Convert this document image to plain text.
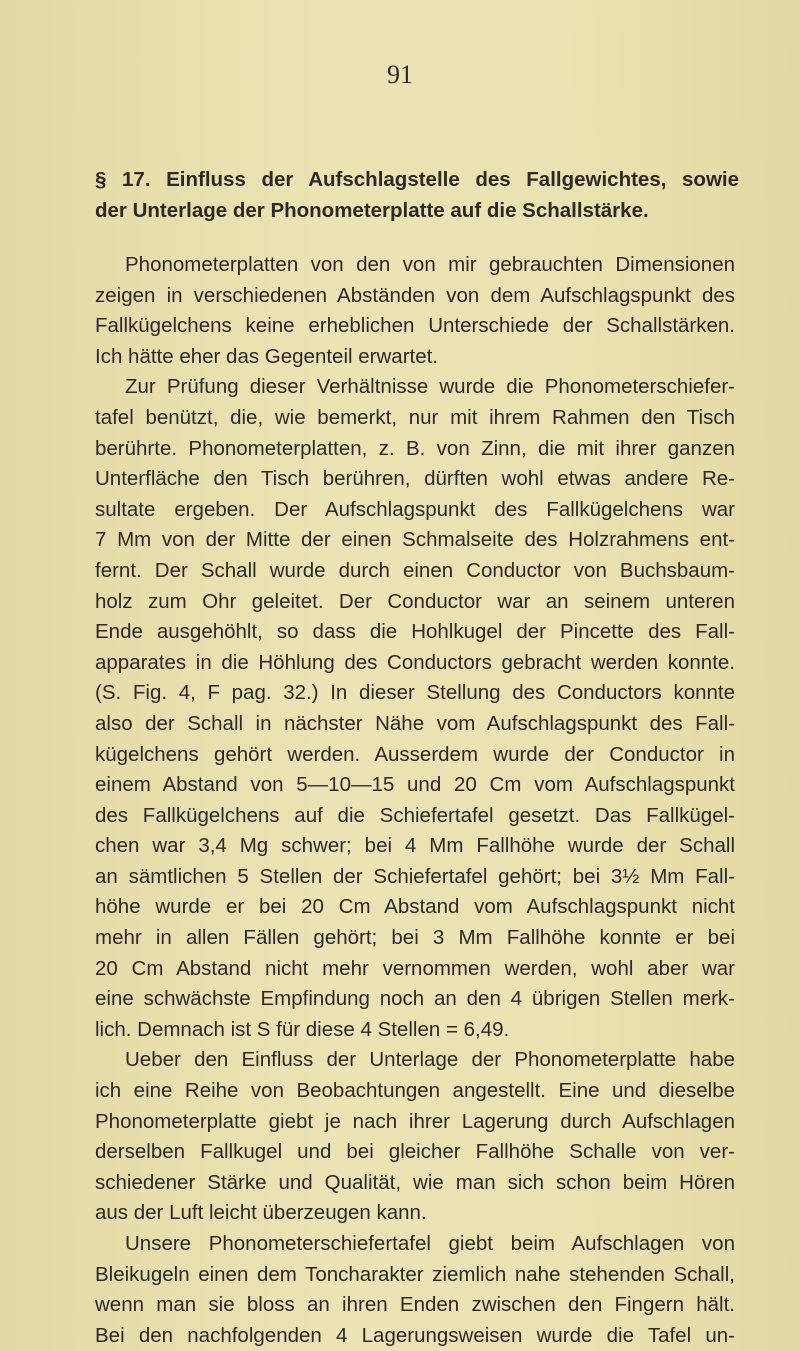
91
§ 17. Einfluss der Aufschlagstelle des Fallgewichtes, sowie
der Unterlage der Phonometerplatte auf die Schallstärke.
Phonometerplatten von den von mir gebrauchten Dimensionen
zeigen in verschiedenen Abständen von dem Aufschlagspunkt des
Fallkügelchens keine erheblichen Unterschiede der Schallstärken.
Ich hätte eher das Gegenteil erwartet.
Zur Prüfung dieser Verhältnisse wurde die Phonometerschiefer-
tafel benützt, die, wie bemerkt, nur mit ihrem Rahmen den Tisch
berührte. Phonometerplatten, z. B. von Zinn, die mit ihrer ganzen
Unterfläche den Tisch berühren, dürften wohl etwas andere Re-
sultate ergeben. Der Aufschlagspunkt des Fallkügelchens war
7 Mm von der Mitte der einen Schmalseite des Holzrahmens ent-
fernt. Der Schall wurde durch einen Conductor von Buchsbaum-
holz zum Ohr geleitet. Der Conductor war an seinem unteren
Ende ausgehöhlt, so dass die Hohlkugel der Pincette des Fall-
apparates in die Höhlung des Conductors gebracht werden konnte.
(S. Fig. 4, F pag. 32.) In dieser Stellung des Conductors konnte
also der Schall in nächster Nähe vom Aufschlagspunkt des Fall-
kügelchens gehört werden. Ausserdem wurde der Conductor in
einem Abstand von 5—10—15 und 20 Cm vom Aufschlagspunkt
des Fallkügelchens auf die Schiefertafel gesetzt. Das Fallkügel-
chen war 3,4 Mg schwer; bei 4 Mm Fallhöhe wurde der Schall
an sämtlichen 5 Stellen der Schiefertafel gehört; bei 3½ Mm Fall-
höhe wurde er bei 20 Cm Abstand vom Aufschlagspunkt nicht
mehr in allen Fällen gehört; bei 3 Mm Fallhöhe konnte er bei
20 Cm Abstand nicht mehr vernommen werden, wohl aber war
eine schwächste Empfindung noch an den 4 übrigen Stellen merk-
lich. Demnach ist S für diese 4 Stellen = 6,49.
Ueber den Einfluss der Unterlage der Phonometerplatte habe
ich eine Reihe von Beobachtungen angestellt. Eine und dieselbe
Phonometerplatte giebt je nach ihrer Lagerung durch Aufschlagen
derselben Fallkugel und bei gleicher Fallhöhe Schalle von ver-
schiedener Stärke und Qualität, wie man sich schon beim Hören
aus der Luft leicht überzeugen kann.
Unsere Phonometerschiefertafel giebt beim Aufschlagen von
Bleikugeln einen dem Toncharakter ziemlich nahe stehenden Schall,
wenn man sie bloss an ihren Enden zwischen den Fingern hält.
Bei den nachfolgenden 4 Lagerungsweisen wurde die Tafel un-
